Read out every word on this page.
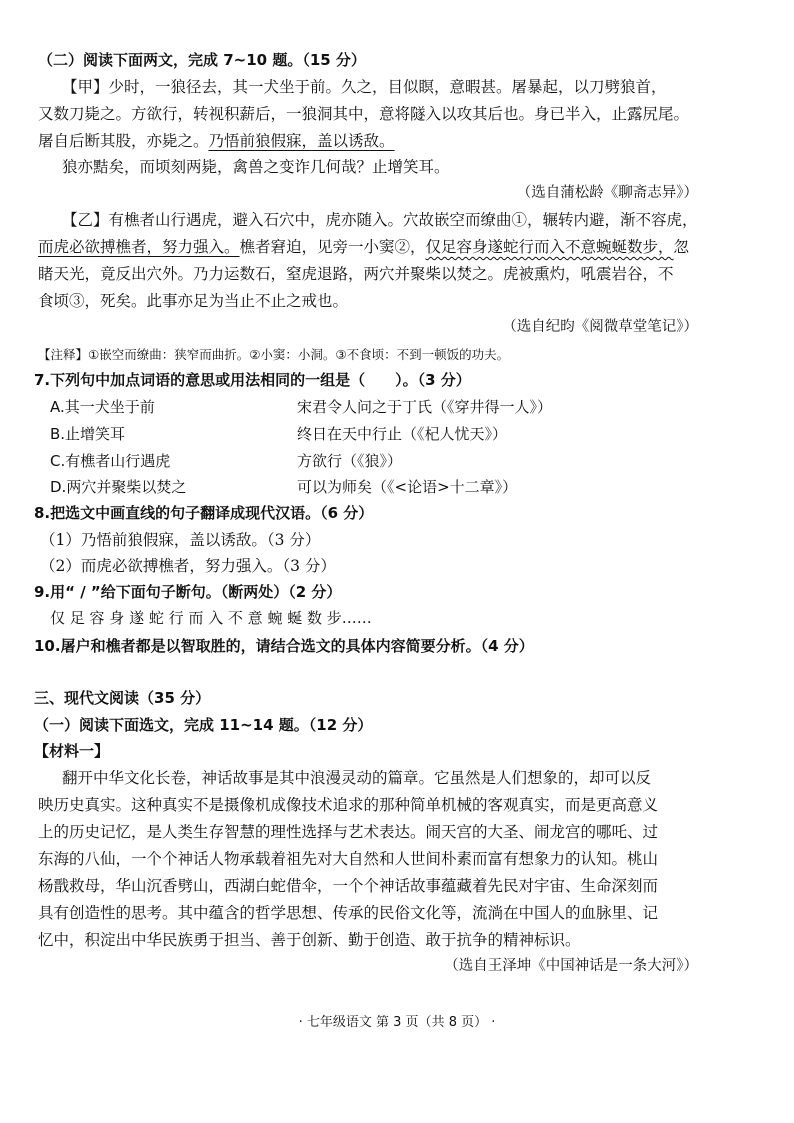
（二）阅读下面两文，完成 7~10 题。（15 分）
【甲】少时，一狼径去，其一犬坐于前。久之，目似瞑，意暇甚。屠暴起，以刀劈狼首，
又数刀毙之。方欲行，转视积薪后，一狼洞其中，意将隧入以攻其后也。身已半入，止露尻尾。
屠自后断其股，亦毙之。乃悟前狼假寐，盖以诱敌。
狼亦黠矣，而顷刻两毙，禽兽之变诈几何哉？止增笑耳。
（选自蒲松龄《聊斋志异》）
【乙】有樵者山行遇虎，避入石穴中，虎亦随入。穴故嵌空而缭曲①，辗转内避，渐不容虎，
而虎必欲搏樵者，努力强入。樵者窘迫，见旁一小窦②，仅足容身遂蛇行而入不意蜿蜒数步，忽
睹天光，竟反出穴外。乃力运数石，窒虎退路，两穴并聚柴以焚之。虎被熏灼，吼震岩谷，不
食顷③，死矣。此事亦足为当止不止之戒也。
（选自纪昀《阅微草堂笔记》）
【注释】①嵌空而缭曲：狭窄而曲折。②小窦：小洞。③不食顷：不到一顿饭的功夫。
7.下列句中加点词语的意思或用法相同的一组是（　　）。（3 分）
A.其一犬坐于前	宋君令人问之于丁氏（《穿井得一人》）
B.止增笑耳	终日在天中行止（《杞人忧天》）
C.有樵者山行遇虎	方欲行（《狼》）
D.两穴并聚柴以焚之	可以为师矣（《<论语>十二章》）
8.把选文中画直线的句子翻译成现代汉语。（6 分）
（1）乃悟前狼假寐，盖以诱敌。（3 分）
（2）而虎必欲搏樵者，努力强入。（3 分）
9.用“ / ”给下面句子断句。（断两处）（2 分）
仅 足 容 身 遂 蛇 行 而 入 不 意 蜿 蜒 数 步……
10.屠户和樵者都是以智取胜的，请结合选文的具体内容简要分析。（4 分）
三、现代文阅读（35 分）
（一）阅读下面选文，完成 11~14 题。（12 分）
【材料一】
翻开中华文化长卷，神话故事是其中浪漫灵动的篇章。它虽然是人们想象的，却可以反
映历史真实。这种真实不是摄像机成像技术追求的那种简单机械的客观真实，而是更高意义
上的历史记忆，是人类生存智慧的理性选择与艺术表达。闹天宫的大圣、闹龙宫的哪吒、过
东海的八仙，一个个神话人物承载着祖先对大自然和人世间朴素而富有想象力的认知。桃山
杨戬救母，华山沉香劈山，西湖白蛇借伞，一个个神话故事蕴藏着先民对宇宙、生命深刻而
具有创造性的思考。其中蕴含的哲学思想、传承的民俗文化等，流淌在中国人的血脉里、记
忆中，积淀出中华民族勇于担当、善于创新、勤于创造、敢于抗争的精神标识。
（选自王泽坤《中国神话是一条大河》）
· 七年级语文 第 3 页（共 8 页） ·
